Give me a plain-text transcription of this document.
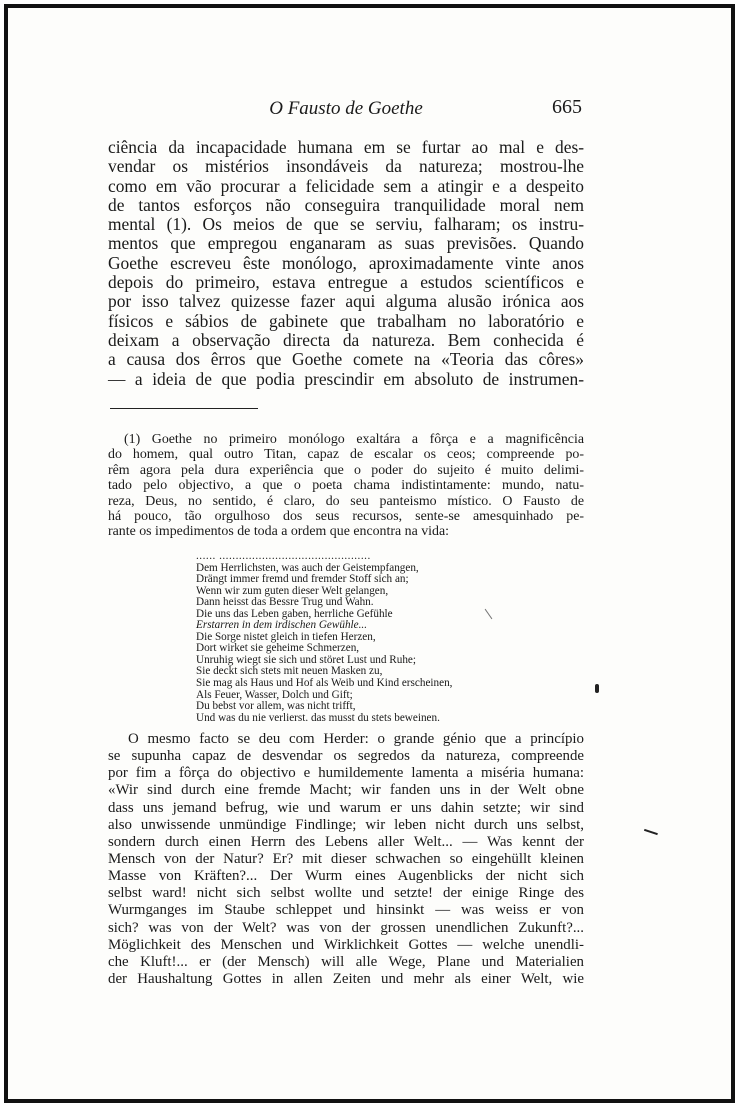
O Fausto de Goethe	665
ciência da incapacidade humana em se furtar ao mal e des-
vendar os mistérios insondáveis da natureza; mostrou-lhe
como em vão procurar a felicidade sem a atingir e a despeito
de tantos esforços não conseguira tranquilidade moral nem
mental (1). Os meios de que se serviu, falharam; os instru-
mentos que empregou enganaram as suas previsões. Quando
Goethe escreveu êste monólogo, aproximadamente vinte anos
depois do primeiro, estava entregue a estudos scientíficos e
por isso talvez quizesse fazer aqui alguma alusão irónica aos
físicos e sábios de gabinete que trabalham no laboratório e
deixam a observação directa da natureza. Bem conhecida é
a causa dos êrros que Goethe comete na «Teoria das côres»
— a ideia de que podia prescindir em absoluto de instrumen-
(1) Goethe no primeiro monólogo exaltára a fôrça e a magnificência
do homem, qual outro Titan, capaz de escalar os ceos; compreende po-
rêm agora pela dura experiência que o poder do sujeito é muito delimi-
tado pelo objectivo, a que o poeta chama indistintamente: mundo, natu-
reza, Deus, no sentido, é claro, do seu panteismo místico. O Fausto de
há pouco, tão orgulhoso dos seus recursos, sente-se amesquinhado pe-
rante os impedimentos de toda a ordem que encontra na vida:
...... ..............................................
Dem Herrlichsten, was auch der Geistempfangen,
Drängt immer fremd und fremder Stoff sich an;
Wenn wir zum guten dieser Welt gelangen,
Dann heisst das Bessre Trug und Wahn.
Die uns das Leben gaben, herrliche Gefühle
Erstarren in dem irdischen Gewühle...
Die Sorge nistet gleich in tiefen Herzen,
Dort wirket sie geheime Schmerzen,
Unruhig wiegt sie sich und störet Lust und Ruhe;
Sie deckt sich stets mit neuen Masken zu,
Sie mag als Haus und Hof als Weib und Kind erscheinen,
Als Feuer, Wasser, Dolch und Gift;
Du bebst vor allem, was nicht trifft,
Und was du nie verlierst. das musst du stets beweinen.
O mesmo facto se deu com Herder: o grande génio que a princípio
se supunha capaz de desvendar os segredos da natureza, compreende
por fim a fôrça do objectivo e humildemente lamenta a miséria humana:
«Wir sind durch eine fremde Macht; wir fanden uns in der Welt obne
dass uns jemand befrug, wie und warum er uns dahin setzte; wir sind
also unwissende unmündige Findlinge; wir leben nicht durch uns selbst,
sondern durch einen Herrn des Lebens aller Welt... — Was kennt der
Mensch von der Natur? Er? mit dieser schwachen so eingehüllt kleinen
Masse von Kräften?... Der Wurm eines Augenblicks der nicht sich
selbst ward! nicht sich selbst wollte und setzte! der einige Ringe des
Wurmganges im Staube schleppet und hinsinkt — was weiss er von
sich? was von der Welt? was von der grossen unendlichen Zukunft?...
Möglichkeit des Menschen und Wirklichkeit Gottes — welche unendli-
che Kluft!... er (der Mensch) will alle Wege, Plane und Materialien
der Haushaltung Gottes in allen Zeiten und mehr als einer Welt, wie
